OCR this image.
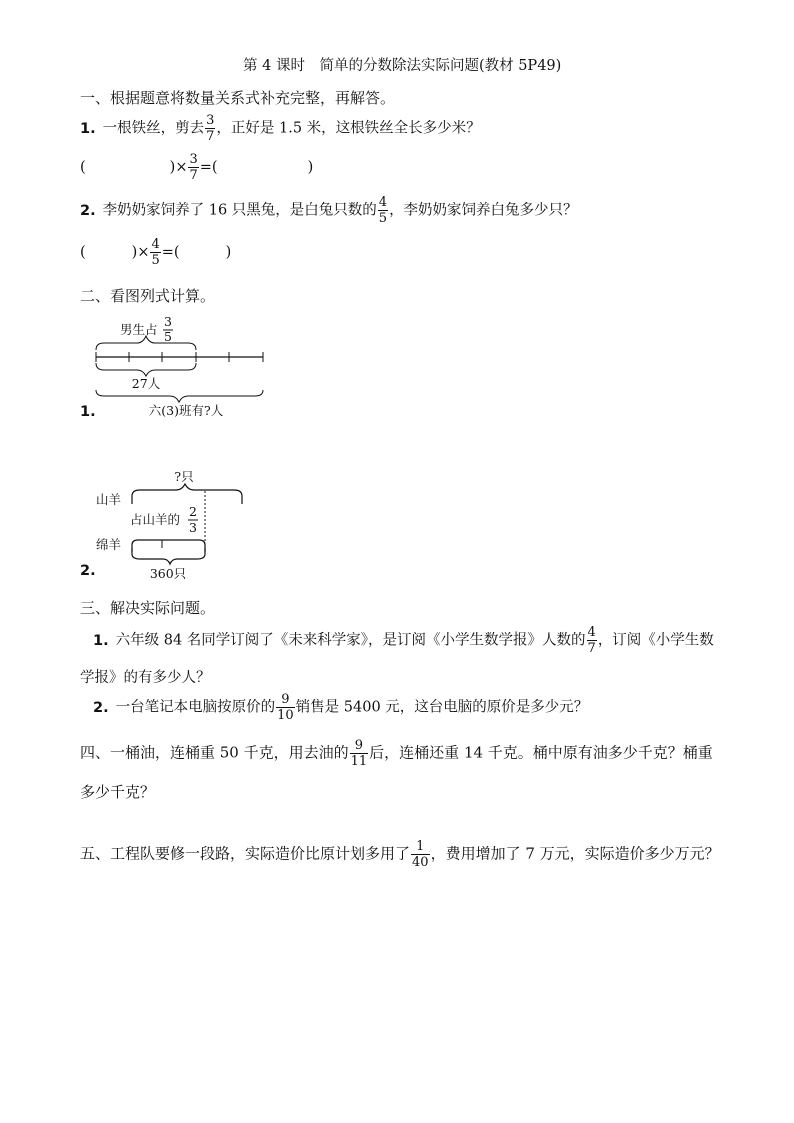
第 4 课时　简单的分数除法实际问题(教材 5P49)
一、根据题意将数量关系式补充完整，再解答。
1. 一根铁丝，剪去 $\frac{3}{7}$ ，正好是 1.5 米，这根铁丝全长多少米？
(	)× $\frac{3}{7}$ =(	)
2. 李奶奶家饲养了 16 只黑兔，是白兔只数的 $\frac{4}{5}$ ，李奶奶家饲养白兔多少只？
(	)× $\frac{4}{5}$ =(	)
二、看图列式计算。
1.
男生占
3
5
27人
六(3)班有?人
2.
山羊
?只
占山羊的
2
3
绵羊
360只
三、解决实际问题。
1. 六年级 84 名同学订阅了《未来科学家》，是订阅《小学生数学报》人数的 $\frac{4}{7}$ ，订阅《小学生数
学报》的有多少人？
2. 一台笔记本电脑按原价的 $\frac{9}{10}$ 销售是 5400 元，这台电脑的原价是多少元？
四、一桶油，连桶重 50 千克，用去油的 $\frac{9}{11}$ 后，连桶还重 14 千克。桶中原有油多少千克？桶重
多少千克？
五、工程队要修一段路，实际造价比原计划多用了 $\frac{1}{40}$ ，费用增加了 7 万元，实际造价多少万元？
